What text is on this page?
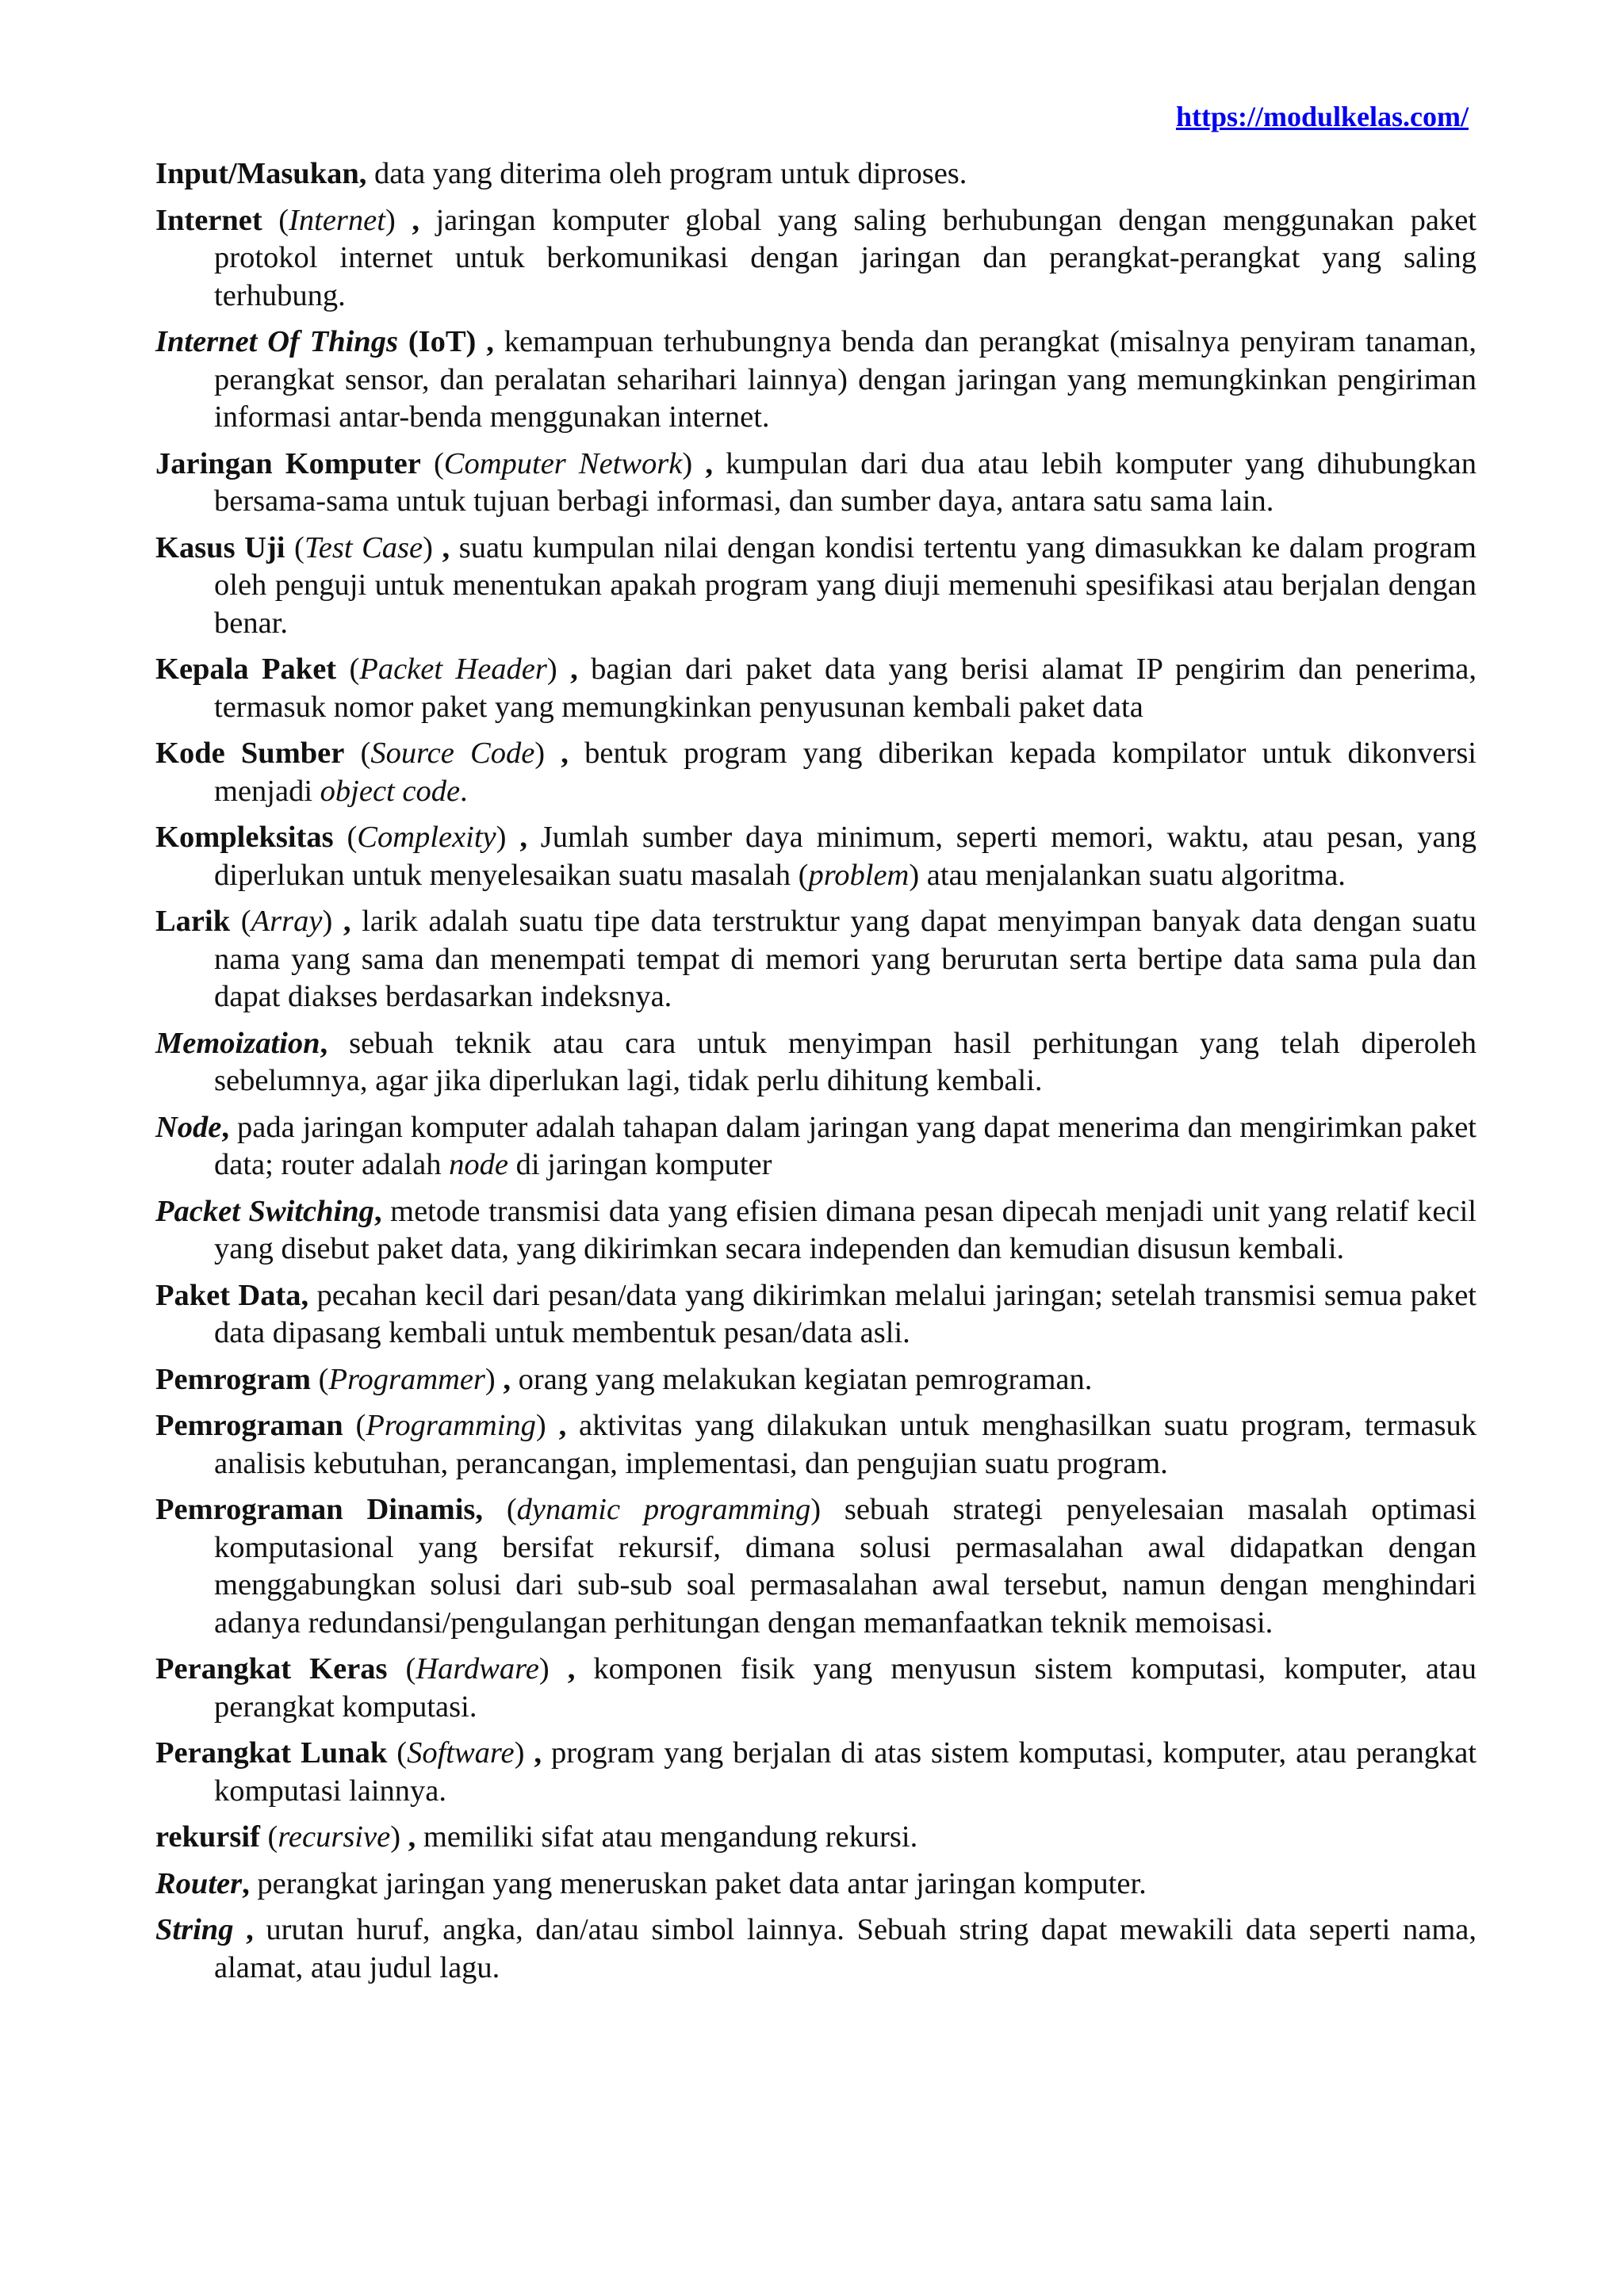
https://modulkelas.com/

Input/Masukan, data yang diterima oleh program untuk diproses.

Internet (Internet) , jaringan komputer global yang saling berhubungan dengan menggunakan paket protokol internet untuk berkomunikasi dengan jaringan dan perangkat-perangkat yang saling terhubung.

Internet Of Things (IoT) , kemampuan terhubungnya benda dan perangkat (misalnya penyiram tanaman, perangkat sensor, dan peralatan seharihari lainnya) dengan jaringan yang memungkinkan pengiriman informasi antar-benda menggunakan internet.

Jaringan Komputer (Computer Network) , kumpulan dari dua atau lebih komputer yang dihubungkan bersama-sama untuk tujuan berbagi informasi, dan sumber daya, antara satu sama lain.

Kasus Uji (Test Case) , suatu kumpulan nilai dengan kondisi tertentu yang dimasukkan ke dalam program oleh penguji untuk menentukan apakah program yang diuji memenuhi spesifikasi atau berjalan dengan benar.

Kepala Paket (Packet Header) , bagian dari paket data yang berisi alamat IP pengirim dan penerima, termasuk nomor paket yang memungkinkan penyusunan kembali paket data

Kode Sumber (Source Code) , bentuk program yang diberikan kepada kompilator untuk dikonversi menjadi object code.

Kompleksitas (Complexity) , Jumlah sumber daya minimum, seperti memori, waktu, atau pesan, yang diperlukan untuk menyelesaikan suatu masalah (problem) atau menjalankan suatu algoritma.

Larik (Array) , larik adalah suatu tipe data terstruktur yang dapat menyimpan banyak data dengan suatu nama yang sama dan menempati tempat di memori yang berurutan serta bertipe data sama pula dan dapat diakses berdasarkan indeksnya.

Memoization, sebuah teknik atau cara untuk menyimpan hasil perhitungan yang telah diperoleh sebelumnya, agar jika diperlukan lagi, tidak perlu dihitung kembali.

Node, pada jaringan komputer adalah tahapan dalam jaringan yang dapat menerima dan mengirimkan paket data; router adalah node di jaringan komputer

Packet Switching, metode transmisi data yang efisien dimana pesan dipecah menjadi unit yang relatif kecil yang disebut paket data, yang dikirimkan secara independen dan kemudian disusun kembali.

Paket Data, pecahan kecil dari pesan/data yang dikirimkan melalui jaringan; setelah transmisi semua paket data dipasang kembali untuk membentuk pesan/data asli.

Pemrogram (Programmer) , orang yang melakukan kegiatan pemrograman.

Pemrograman (Programming) , aktivitas yang dilakukan untuk menghasilkan suatu program, termasuk analisis kebutuhan, perancangan, implementasi, dan pengujian suatu program.

Pemrograman Dinamis, (dynamic programming) sebuah strategi penyelesaian masalah optimasi komputasional yang bersifat rekursif, dimana solusi permasalahan awal didapatkan dengan menggabungkan solusi dari sub-sub soal permasalahan awal tersebut, namun dengan menghindari adanya redundansi/pengulangan perhitungan dengan memanfaatkan teknik memoisasi.

Perangkat Keras (Hardware) , komponen fisik yang menyusun sistem komputasi, komputer, atau perangkat komputasi.

Perangkat Lunak (Software) , program yang berjalan di atas sistem komputasi, komputer, atau perangkat komputasi lainnya.

rekursif (recursive) , memiliki sifat atau mengandung rekursi.

Router, perangkat jaringan yang meneruskan paket data antar jaringan komputer.

String , urutan huruf, angka, dan/atau simbol lainnya. Sebuah string dapat mewakili data seperti nama, alamat, atau judul lagu.
